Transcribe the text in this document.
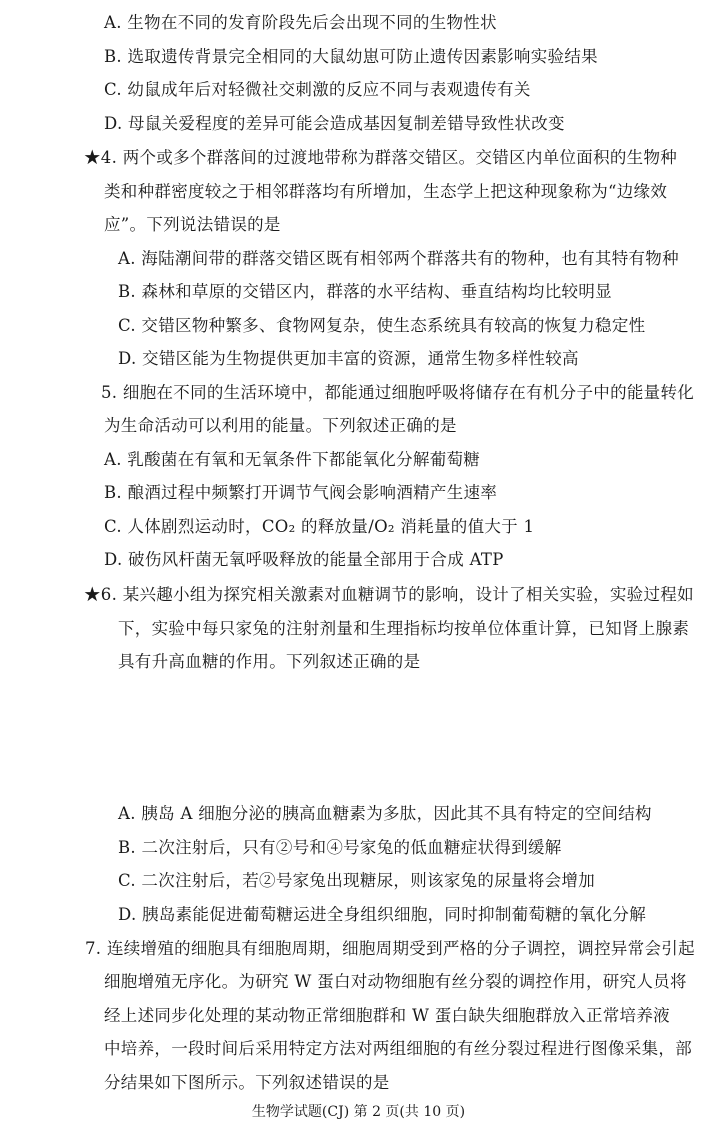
A. 生物在不同的发育阶段先后会出现不同的生物性状
B. 选取遗传背景完全相同的大鼠幼崽可防止遗传因素影响实验结果
C. 幼鼠成年后对轻微社交刺激的反应不同与表观遗传有关
D. 母鼠关爱程度的差异可能会造成基因复制差错导致性状改变
★4. 两个或多个群落间的过渡地带称为群落交错区。交错区内单位面积的生物种
类和种群密度较之于相邻群落均有所增加，生态学上把这种现象称为“边缘效
应”。下列说法错误的是
A. 海陆潮间带的群落交错区既有相邻两个群落共有的物种，也有其特有物种
B. 森林和草原的交错区内，群落的水平结构、垂直结构均比较明显
C. 交错区物种繁多、食物网复杂，使生态系统具有较高的恢复力稳定性
D. 交错区能为生物提供更加丰富的资源，通常生物多样性较高
5. 细胞在不同的生活环境中，都能通过细胞呼吸将储存在有机分子中的能量转化
为生命活动可以利用的能量。下列叙述正确的是
A. 乳酸菌在有氧和无氧条件下都能氧化分解葡萄糖
B. 酿酒过程中频繁打开调节气阀会影响酒精产生速率
C. 人体剧烈运动时，CO₂ 的释放量/O₂ 消耗量的值大于 1
D. 破伤风杆菌无氧呼吸释放的能量全部用于合成 ATP
★6. 某兴趣小组为探究相关激素对血糖调节的影响，设计了相关实验，实验过程如
下，实验中每只家兔的注射剂量和生理指标均按单位体重计算，已知肾上腺素
具有升高血糖的作用。下列叙述正确的是
A. 胰岛 A 细胞分泌的胰高血糖素为多肽，因此其不具有特定的空间结构
B. 二次注射后，只有②号和④号家兔的低血糖症状得到缓解
C. 二次注射后，若②号家兔出现糖尿，则该家兔的尿量将会增加
D. 胰岛素能促进葡萄糖运进全身组织细胞，同时抑制葡萄糖的氧化分解
7. 连续增殖的细胞具有细胞周期，细胞周期受到严格的分子调控，调控异常会引起
细胞增殖无序化。为研究 W 蛋白对动物细胞有丝分裂的调控作用，研究人员将
经上述同步化处理的某动物正常细胞群和 W 蛋白缺失细胞群放入正常培养液
中培养，一段时间后采用特定方法对两组细胞的有丝分裂过程进行图像采集，部
分结果如下图所示。下列叙述错误的是
生物学试题(CJ) 第 2 页(共 10 页)
